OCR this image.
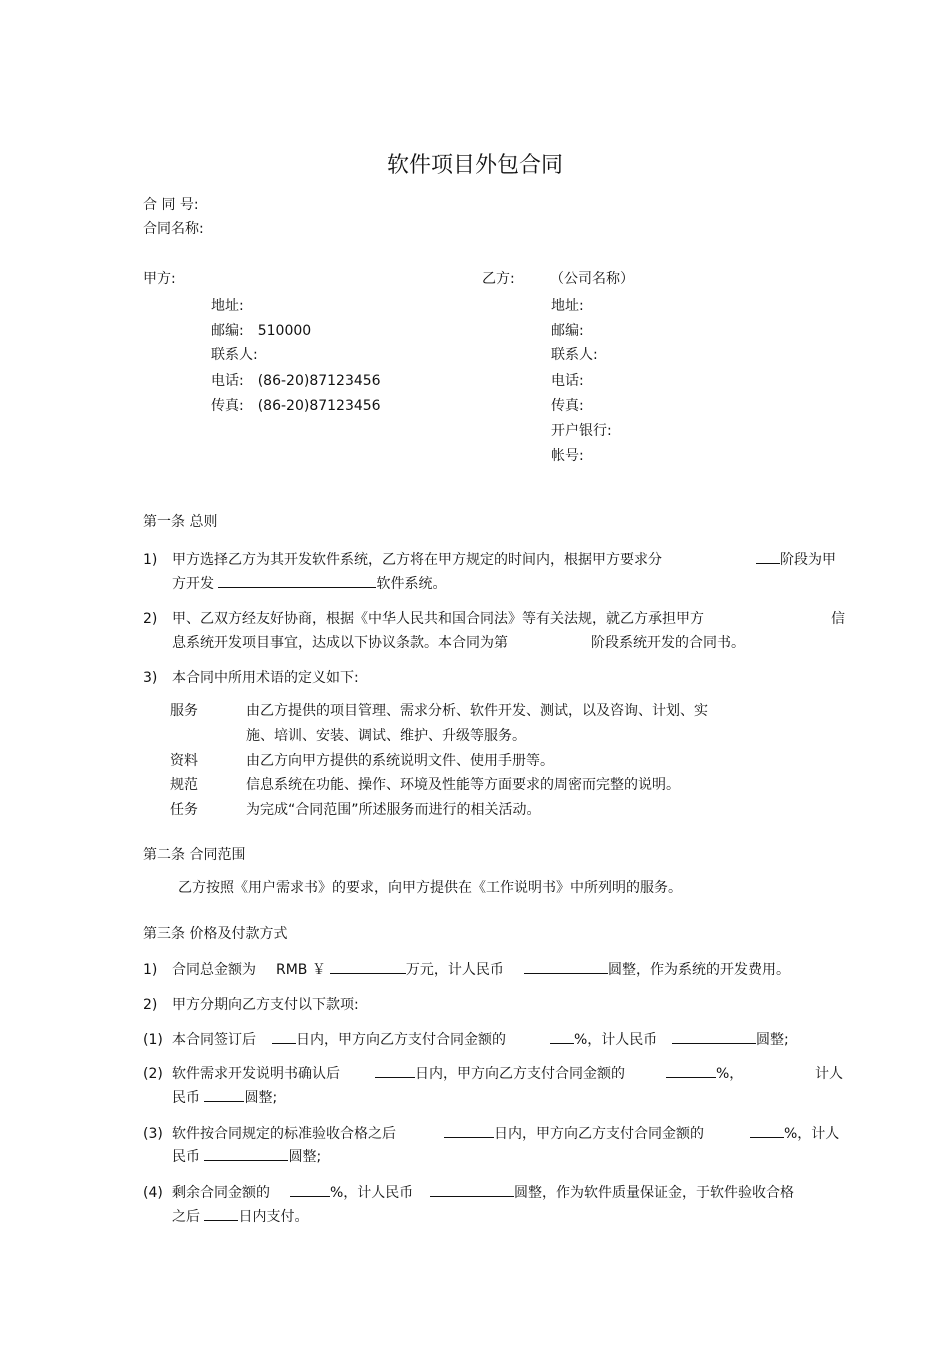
软件项目外包合同
合 同 号:
合同名称:
甲方:
地址:
邮编: 510000
联系人:
电话: (86-20)87123456
传真: (86-20)87123456
乙方:	（公司名称）
地址:
邮编:
联系人:
电话:
传真:
开户银行:
帐号:
第一条 总则
1) 甲方选择乙方为其开发软件系统，乙方将在甲方规定的时间内，根据甲方要求分	阶段为甲
方开发	软件系统。
2) 甲、乙双方经友好协商，根据《中华人民共和国合同法》等有关法规，就乙方承担甲方	信
息系统开发项目事宜，达成以下协议条款。本合同为第	阶段系统开发的合同书。
3) 本合同中所用术语的定义如下:
服务	由乙方提供的项目管理、需求分析、软件开发、测试，以及咨询、计划、实
施、培训、安装、调试、维护、升级等服务。
资料	由乙方向甲方提供的系统说明文件、使用手册等。
规范	信息系统在功能、操作、环境及性能等方面要求的周密而完整的说明。
任务	为完成“合同范围”所述服务而进行的相关活动。
第二条 合同范围
乙方按照《用户需求书》的要求，向甲方提供在《工作说明书》中所列明的服务。
第三条 价格及付款方式
1) 合同总金额为 RMB ￥	万元，计人民币	圆整，作为系统的开发费用。
2) 甲方分期向乙方支付以下款项:
(1) 本合同签订后	日内，甲方向乙方支付合同金额的	%，计人民币	圆整;
(2) 软件需求开发说明书确认后	日内，甲方向乙方支付合同金额的	%，	计人
民币	圆整;
(3) 软件按合同规定的标准验收合格之后	日内，甲方向乙方支付合同金额的	%，计人
民币	圆整;
(4) 剩余合同金额的	%，计人民币	圆整，作为软件质量保证金，于软件验收合格
之后	日内支付。
